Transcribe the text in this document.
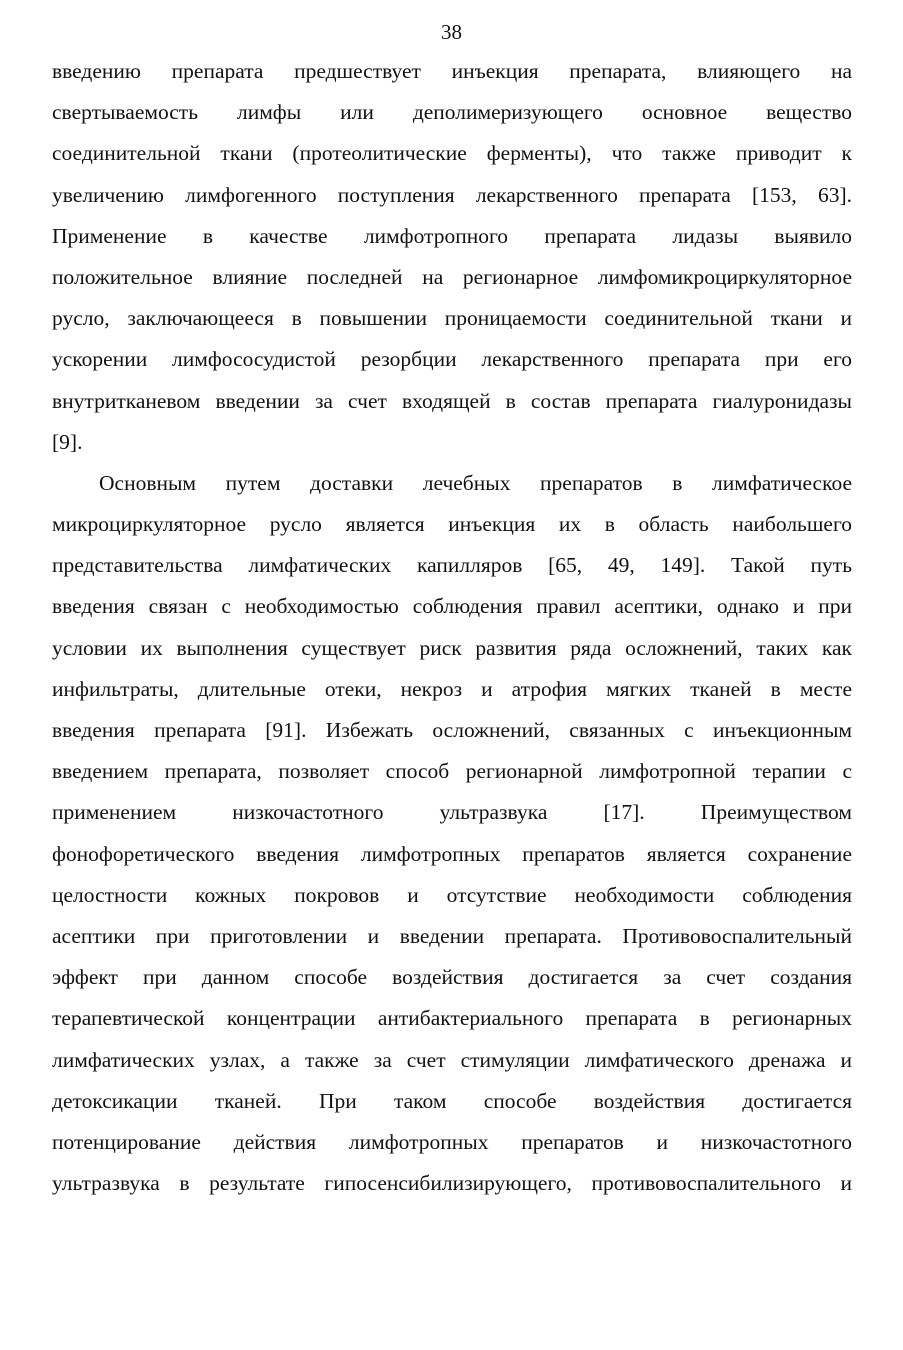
38
введению препарата предшествует инъекция препарата, влияющего на
свертываемость лимфы или деполимеризующего основное вещество
соединительной ткани (протеолитические ферменты), что также приводит к
увеличению лимфогенного поступления лекарственного препарата [153, 63].
Применение в качестве лимфотропного препарата лидазы выявило
положительное влияние последней на регионарное лимфомикроциркуляторное
русло, заключающееся в повышении проницаемости соединительной ткани и
ускорении лимфососудистой резорбции лекарственного препарата при его
внутритканевом введении за счет входящей в состав препарата гиалуронидазы
[9].
Основным путем доставки лечебных препаратов в лимфатическое
микроциркуляторное русло является инъекция их в область наибольшего
представительства лимфатических капилляров [65, 49, 149]. Такой путь
введения связан с необходимостью соблюдения правил асептики, однако и при
условии их выполнения существует риск развития ряда осложнений, таких как
инфильтраты, длительные отеки, некроз и атрофия мягких тканей в месте
введения препарата [91]. Избежать осложнений, связанных с инъекционным
введением препарата, позволяет способ регионарной лимфотропной терапии с
применением низкочастотного ультразвука [17]. Преимуществом
фонофоретического введения лимфотропных препаратов является сохранение
целостности кожных покровов и отсутствие необходимости соблюдения
асептики при приготовлении и введении препарата. Противовоспалительный
эффект при данном способе воздействия достигается за счет создания
терапевтической концентрации антибактериального препарата в регионарных
лимфатических узлах, а также за счет стимуляции лимфатического дренажа и
детоксикации тканей. При таком способе воздействия достигается
потенцирование действия лимфотропных препаратов и низкочастотного
ультразвука в результате гипосенсибилизирующего, противовоспалительного и
